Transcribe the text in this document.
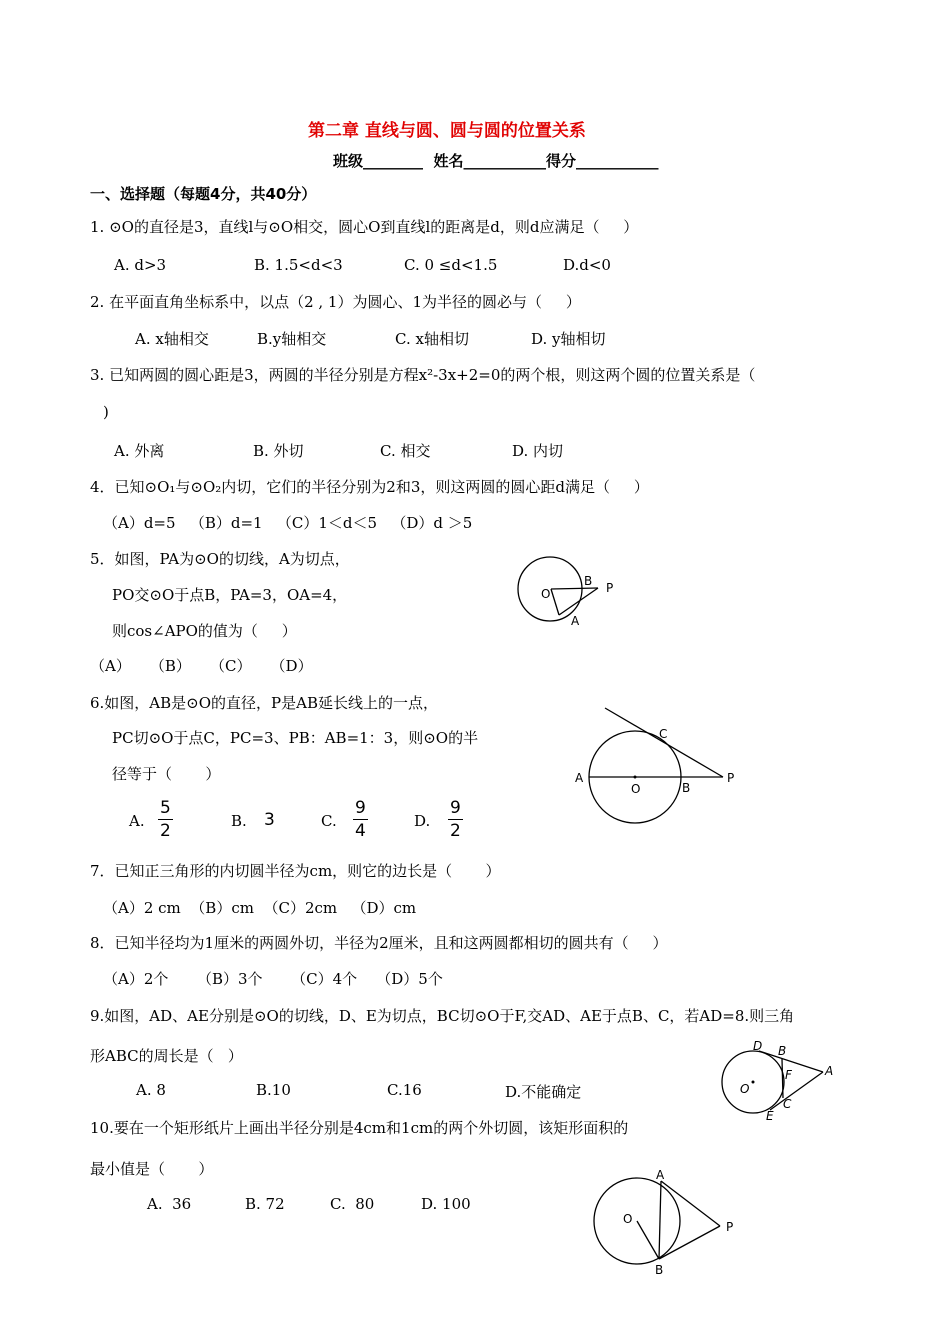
第二章 直线与圆、圆与圆的位置关系
班级________  姓名___________得分___________
一、选择题（每题4分，共40分）
1. ⊙O的直径是3，直线l与⊙O相交，圆心O到直线l的距离是d，则d应满足（     ）
A. d>3	B. 1.5<d<3	C. 0 ≤d<1.5	D.d<0
2. 在平面直角坐标系中，以点（2 , 1）为圆心、1为半径的圆必与（     ）
A. x轴相交	B.y轴相交	C. x轴相切	D. y轴相切
3. 已知两圆的圆心距是3，两圆的半径分别是方程x²-3x+2=0的两个根，则这两个圆的位置关系是（
)
A. 外离	B. 外切	C. 相交	D. 内切
4．已知⊙O₁与⊙O₂内切，它们的半径分别为2和3，则这两圆的圆心距d满足（     ）
（A）d=5   （B）d=1   （C）1＜d＜5   （D）d ＞5
5．如图，PA为⊙O的切线，A为切点，
PO交⊙O于点B，PA=3，OA=4，
则cos∠APO的值为（     ）
（A）    （B）    （C）    （D）
O
B P
A
6.如图，AB是⊙O的直径，P是AB延长线上的一点，
PC切⊙O于点C，PC=3、PB：AB=1：3，则⊙O的半
径等于（       ）
A. $\frac{5}{2}$	B. 3	C. $\frac{9}{4}$	D. $\frac{9}{2}$
C
A
O	B
P
7．已知正三角形的内切圆半径为cm，则它的边长是（       ）
（A）2 cm  （B）cm  （C）2cm   （D）cm
8．已知半径均为1厘米的两圆外切，半径为2厘米，且和这两圆都相切的圆共有（     ）
（A）2个      （B）3个      （C）4个    （D）5个
9.如图，AD、AE分别是⊙O的切线，D、E为切点，BC切⊙O于F,交AD、AE于点B、C，若AD=8.则三角
形ABC的周长是（   ）
A. 8	B.10	C.16	D.不能确定
D B
F	A
O
C
E
10.要在一个矩形纸片上画出半径分别是4cm和1cm的两个外切圆，该矩形面积的
最小值是（       ）
A.  36	B. 72	C.  80	D. 100
A
O
P
B
